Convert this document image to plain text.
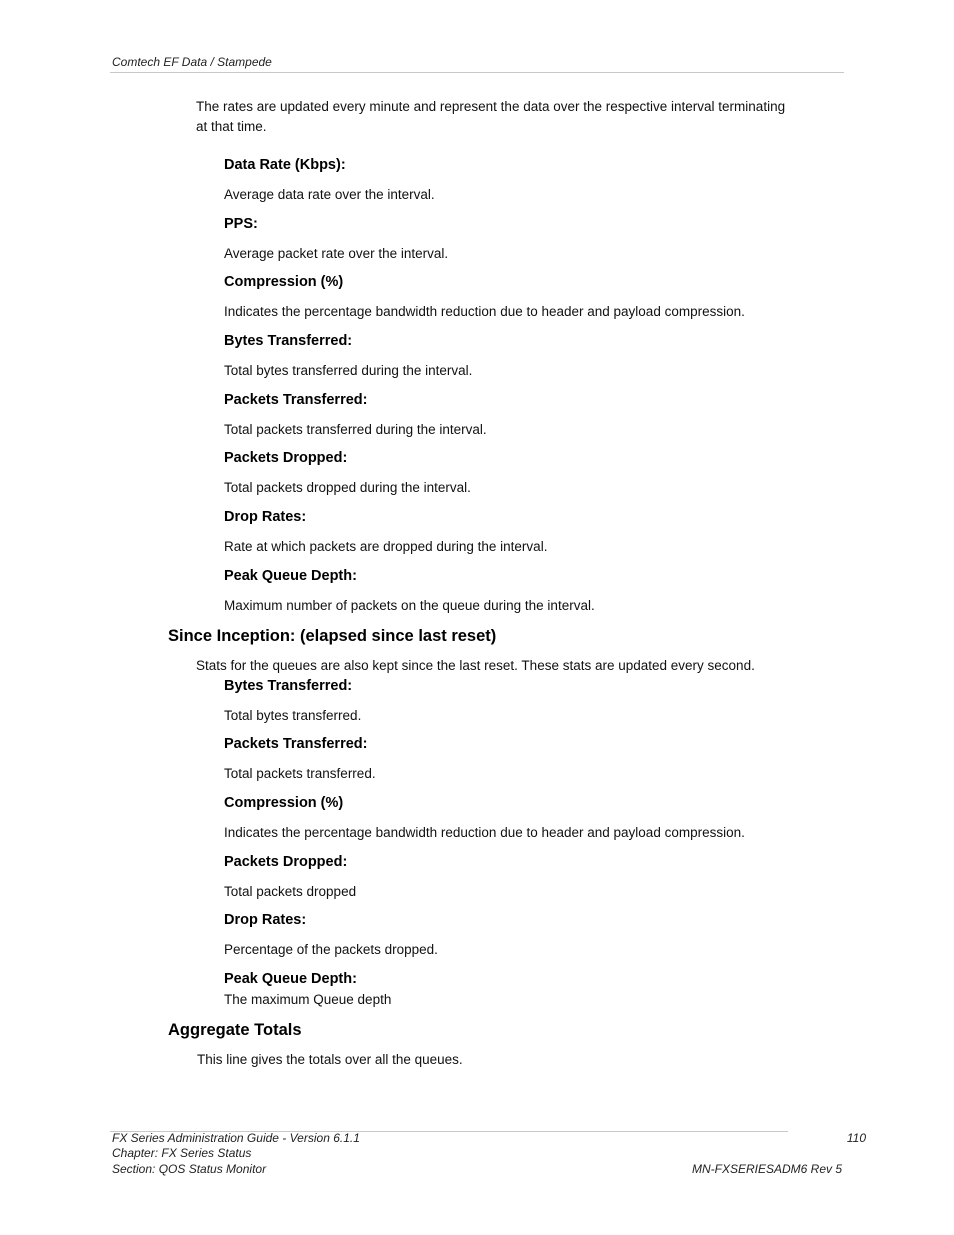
Comtech EF Data / Stampede
The rates are updated every minute and represent the data over the respective interval terminating
at that time.
Data Rate (Kbps):
Average data rate over the interval.
PPS:
Average packet rate over the interval.
Compression (%)
Indicates the percentage bandwidth reduction due to header and payload compression.
Bytes Transferred:
Total bytes transferred during the interval.
Packets Transferred:
Total packets transferred during the interval.
Packets Dropped:
Total packets dropped during the interval.
Drop Rates:
Rate at which packets are dropped during the interval.
Peak Queue Depth:
Maximum number of packets on the queue during the interval.
Since Inception: (elapsed since last reset)
Stats for the queues are also kept since the last reset. These stats are updated every second.
Bytes Transferred:
Total bytes transferred.
Packets Transferred:
Total packets transferred.
Compression (%)
Indicates the percentage bandwidth reduction due to header and payload compression.
Packets Dropped:
Total packets dropped
Drop Rates:
Percentage of the packets dropped.
Peak Queue Depth:
The maximum Queue depth
Aggregate Totals
This line gives the totals over all the queues.
FX Series Administration Guide - Version 6.1.1
Chapter: FX Series Status
Section: QOS Status Monitor
110
MN-FXSERIESADM6 Rev 5
